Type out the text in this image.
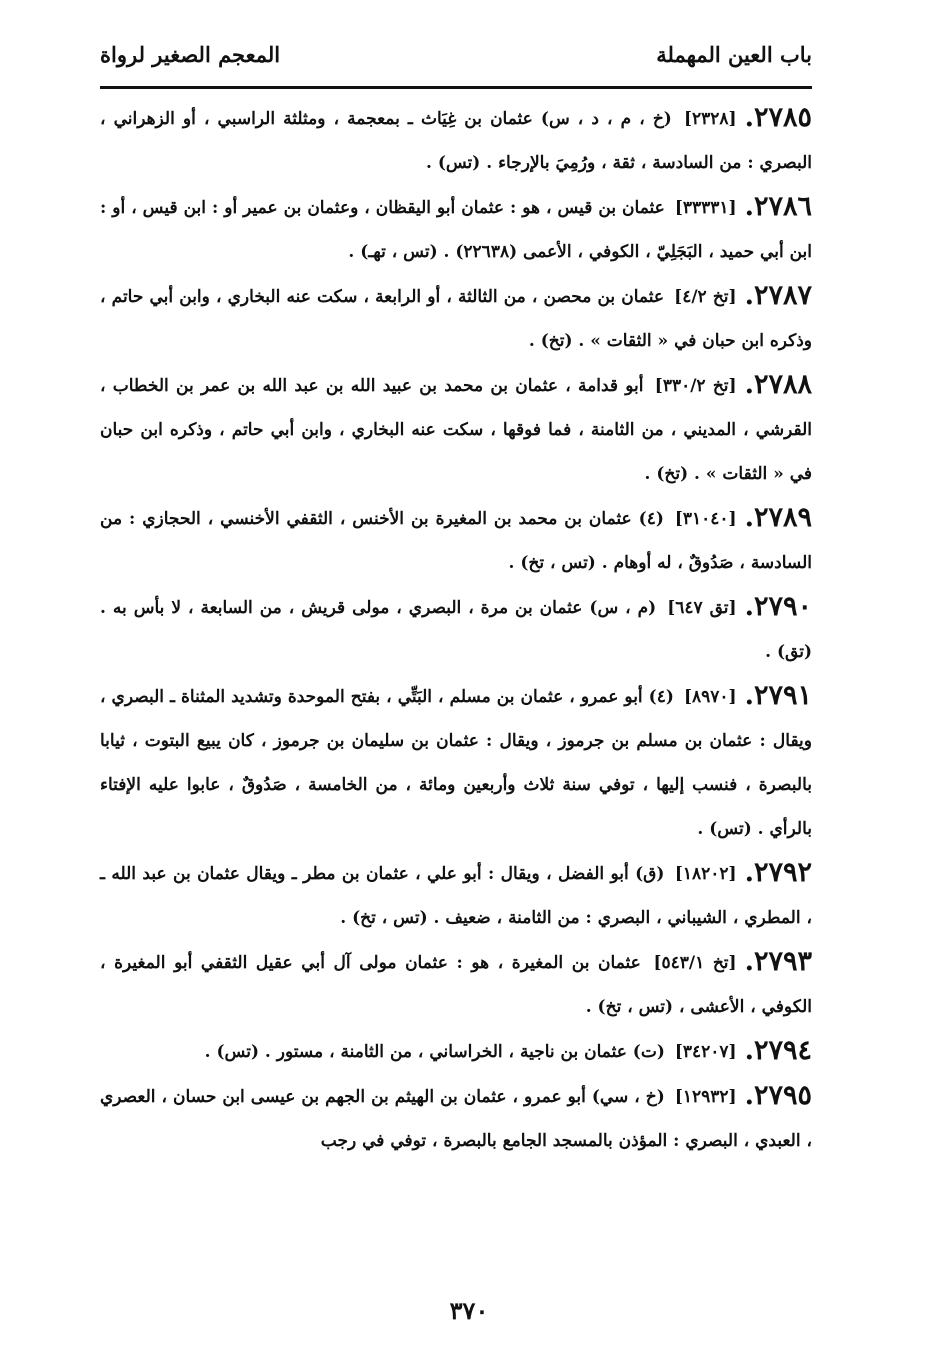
باب العين المهملة
المعجم الصغير لرواة

٢٧٨٥.[٢٣٢٨] (خ ، م ، د ، س) عثمان بن غِيَاث ـ بمعجمة ، ومثلثة الراسبي ، أو الزهراني ، البصري : من السادسة ، ثقة ، ورُمِيَ بالإرجاء . (تس) .

٢٧٨٦.[٣٣٣٣١] عثمان بن قيس ، هو : عثمان أبو اليقظان ، وعثمان بن عمير أو : ابن قيس ، أو : ابن أبي حميد ، البَجَلِيّ ، الكوفي ، الأعمى (٢٢٦٣٨) . (تس ، تهـ) .

٢٧٨٧.[تخ ٤/٢] عثمان بن محصن ، من الثالثة ، أو الرابعة ، سكت عنه البخاري ، وابن أبي حاتم ، وذكره ابن حبان في « الثقات » . (تخ) .

٢٧٨٨.[تخ ٣٣٠/٢] أبو قدامة ، عثمان بن محمد بن عبيد الله بن عبد الله بن عمر بن الخطاب ، القرشي ، المديني ، من الثامنة ، فما فوقها ، سكت عنه البخاري ، وابن أبي حاتم ، وذكره ابن حبان في « الثقات » . (تخ) .

٢٧٨٩.[٣١٠٤٠] (٤) عثمان بن محمد بن المغيرة بن الأخنس ، الثقفي الأخنسي ، الحجازي : من السادسة ، صَدُوقٌ ، له أوهام . (تس ، تخ) .

٢٧٩٠.[تق ٦٤٧] (م ، س) عثمان بن مرة ، البصري ، مولى قريش ، من السابعة ، لا بأس به . (تق) .

٢٧٩١.[٨٩٧٠] (٤) أبو عمرو ، عثمان بن مسلم ، البَتِّي ، بفتح الموحدة وتشديد المثناة ـ البصري ، ويقال : عثمان بن مسلم بن جرموز ، ويقال : عثمان بن سليمان بن جرموز ، كان يبيع البتوت ، ثيابا بالبصرة ، فنسب إليها ، توفي سنة ثلاث وأربعين ومائة ، من الخامسة ، صَدُوقٌ ، عابوا عليه الإفتاء بالرأي . (تس) .

٢٧٩٢.[١٨٢٠٢] (ق) أبو الفضل ، ويقال : أبو علي ، عثمان بن مطر ـ ويقال عثمان بن عبد الله ـ ، المطري ، الشيباني ، البصري : من الثامنة ، ضعيف . (تس ، تخ) .

٢٧٩٣.[تخ ٥٤٣/١] عثمان بن المغيرة ، هو : عثمان مولى آل أبي عقيل الثقفي أبو المغيرة ، الكوفي ، الأعشى ، (تس ، تخ) .

٢٧٩٤.[٣٤٢٠٧] (ت) عثمان بن ناجية ، الخراساني ، من الثامنة ، مستور . (تس) .

٢٧٩٥.[١٢٩٣٢] (خ ، سي) أبو عمرو ، عثمان بن الهيثم بن الجهم بن عيسى ابن حسان ، العصري ، العبدي ، البصري : المؤذن بالمسجد الجامع بالبصرة ، توفي في رجب

٣٧٠
